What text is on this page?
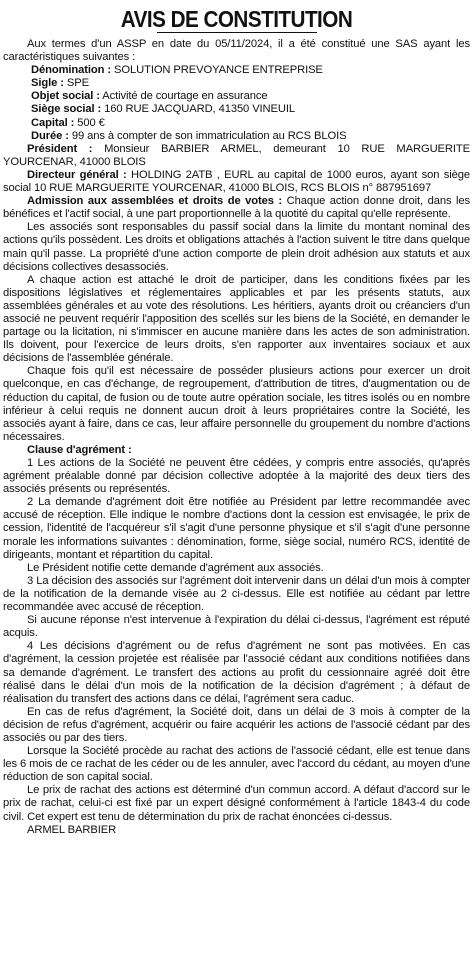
AVIS DE CONSTITUTION

Aux termes d'un ASSP en date du 05/11/2024, il a été constitué une SAS ayant les caractéristiques suivantes :

Dénomination : SOLUTION PREVOYANCE ENTREPRISE

Sigle : SPE

Objet social : Activité de courtage en assurance

Siège social : 160 RUE JACQUARD, 41350 VINEUIL

Capital : 500 €

Durée : 99 ans à compter de son immatriculation au RCS BLOIS

Président : Monsieur BARBIER ARMEL, demeurant 10 RUE MARGUERITE YOURCENAR, 41000 BLOIS

Directeur général : HOLDING 2ATB , EURL au capital de 1000 euros, ayant son siège social 10 RUE MARGUERITE YOURCENAR, 41000 BLOIS, RCS BLOIS n° 887951697

Admission aux assemblées et droits de votes : Chaque action donne droit, dans les bénéfices et l'actif social, à une part proportionnelle à la quotité du capital qu'elle représente.

Les associés sont responsables du passif social dans la limite du montant nominal des actions qu'ils possèdent. Les droits et obligations attachés à l'action suivent le titre dans quelque main qu'il passe. La propriété d'une action comporte de plein droit adhésion aux statuts et aux décisions collectives desassociés.

A chaque action est attaché le droit de participer, dans les conditions fixées par les dispositions législatives et réglementaires applicables et par les présents statuts, aux assemblées générales et au vote des résolutions. Les héritiers, ayants droit ou créanciers d'un associé ne peuvent requérir l'apposition des scellés sur les biens de la Société, en demander le partage ou la licitation, ni s'immiscer en aucune manière dans les actes de son administration. Ils doivent, pour l'exercice de leurs droits, s'en rapporter aux inventaires sociaux et aux décisions de l'assemblée générale.

Chaque fois qu'il est nécessaire de posséder plusieurs actions pour exercer un droit quelconque, en cas d'échange, de regroupement, d'attribution de titres, d'augmentation ou de réduction du capital, de fusion ou de toute autre opération sociale, les titres isolés ou en nombre inférieur à celui requis ne donnent aucun droit à leurs propriétaires contre la Société, les associés ayant à faire, dans ce cas, leur affaire personnelle du groupement du nombre d'actions nécessaires.

Clause d'agrément :

1 Les actions de la Société ne peuvent être cédées, y compris entre associés, qu'après agrément préalable donné par décision collective adoptée à la majorité des deux tiers des associés présents ou représentés.

2 La demande d'agrément doit être notifiée au Président par lettre recommandée avec accusé de réception. Elle indique le nombre d'actions dont la cession est envisagée, le prix de cession, l'identité de l'acquéreur s'il s'agit d'une personne physique et s'il s'agit d'une personne morale les informations suivantes : dénomination, forme, siège social, numéro RCS, identité de dirigeants, montant et répartition du capital.

Le Président notifie cette demande d'agrément aux associés.

3 La décision des associés sur l'agrément doit intervenir dans un délai d'un mois à compter de la notification de la demande visée au 2 ci-dessus. Elle est notifiée au cédant par lettre recommandée avec accusé de réception.

Si aucune réponse n'est intervenue à l'expiration du délai ci-dessus, l'agrément est réputé acquis.

4 Les décisions d'agrément ou de refus d'agrément ne sont pas motivées. En cas d'agrément, la cession projetée est réalisée par l'associé cédant aux conditions notifiées dans sa demande d'agrément. Le transfert des actions au profit du cessionnaire agréé doit être réalisé dans le délai d'un mois de la notification de la décision d'agrément ; à défaut de réalisation du transfert des actions dans ce délai, l'agrément sera caduc.

En cas de refus d'agrément, la Société doit, dans un délai de 3 mois à compter de la décision de refus d'agrément, acquérir ou faire acquérir les actions de l'associé cédant par des associés ou par des tiers.

Lorsque la Société procède au rachat des actions de l'associé cédant, elle est tenue dans les 6 mois de ce rachat de les céder ou de les annuler, avec l'accord du cédant, au moyen d'une réduction de son capital social.

Le prix de rachat des actions est déterminé d'un commun accord. A défaut d'accord sur le prix de rachat, celui-ci est fixé par un expert désigné conformément à l'article 1843-4 du code civil. Cet expert est tenu de détermination du prix de rachat énoncées ci-dessus.

ARMEL BARBIER
